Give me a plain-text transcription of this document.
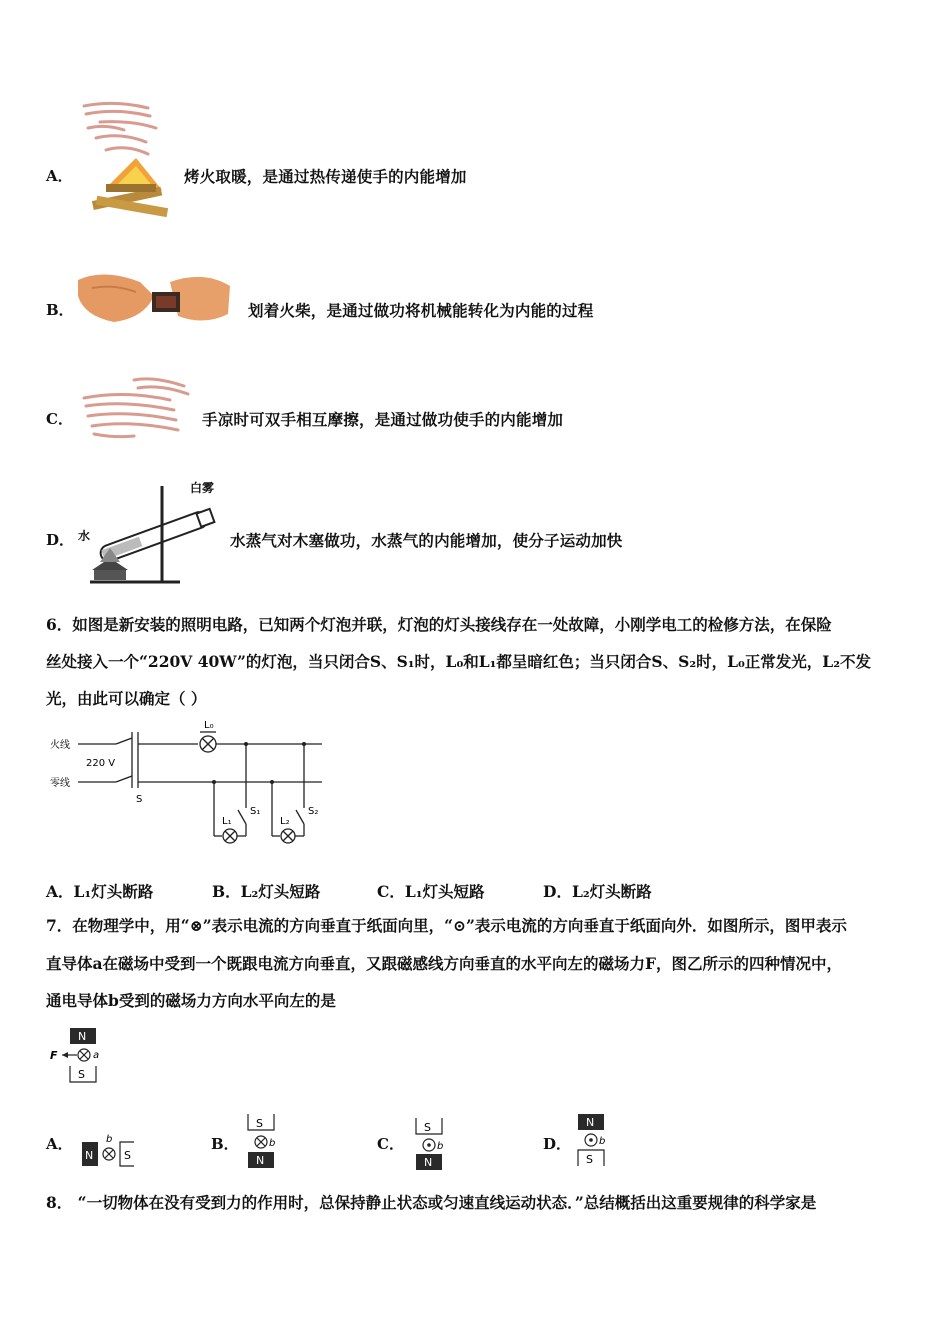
A．	烤火取暖，是通过热传递使手的内能增加
B．	划着火柴，是通过做功将机械能转化为内能的过程
C．	手凉时可双手相互摩擦，是通过做功使手的内能增加
D．
白雾
水	水蒸气对木塞做功，水蒸气的内能增加，使分子运动加快
6．如图是新安装的照明电路，已知两个灯泡并联，灯泡的灯头接线存在一处故障，小刚学电工的检修方法，在保险
丝处接入一个“220V 40W”的灯泡，当只闭合S、S₁时，L₀和L₁都呈暗红色；当只闭合S、S₂时，L₀正常发光，L₂不发
光，由此可以确定（ ）
火线
零线
220 V
S
L₀
L₁	L₂
S₁	S₂
A．L₁灯头断路	B．L₂灯头短路	C．L₁灯头短路	D．L₂灯头断路
7．在物理学中，用“⊗”表示电流的方向垂直于纸面向里，“⊙”表示电流的方向垂直于纸面向外．如图所示，图甲表示
直导体a在磁场中受到一个既跟电流方向垂直，又跟磁感线方向垂直的水平向左的磁场力F，图乙所示的四种情况中，
通电导体b受到的磁场力方向水平向左的是
N
F	a
S
A．
N
b
S
B．
S
b
N
C．
S
b
N
D．
N
b
S
8． “一切物体在没有受到力的作用时，总保持静止状态或匀速直线运动状态．”总结概括出这重要规律的科学家是
